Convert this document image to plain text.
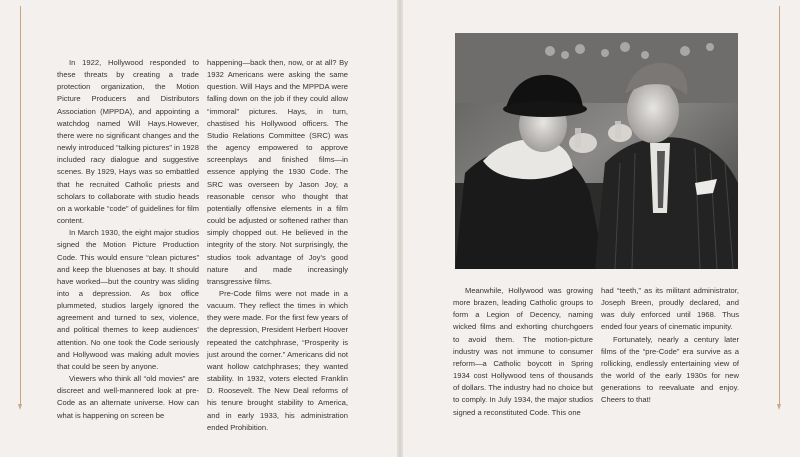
In 1922, Hollywood responded to these threats by creating a trade protection organization, the Motion Picture Producers and Distributors Association (MPPDA), and appointing a watchdog named Will Hays.However, there were no significant changes and the newly introduced “talking pictures” in 1928 included racy dialogue and suggestive scenes. By 1929, Hays was so embattled that he recruited Catholic priests and scholars to collaborate with studio heads on a workable “code” of guidelines for film content.

In March 1930, the eight major studios signed the Motion Picture Production Code. This would ensure “clean pictures” and keep the bluenoses at bay. It should have worked—but the country was sliding into a depression. As box office plummeted, studios largely ignored the agreement and turned to sex, violence, and political themes to keep audiences’ attention. No one took the Code seriously and Hollywood was making adult movies that could be seen by anyone.

Viewers who think all “old movies” are discreet and well-mannered look at pre-Code as an alternate universe. How can what is happening on screen be

happening—back then, now, or at all? By 1932 Americans were asking the same question. Will Hays and the MPPDA were falling down on the job if they could allow “immoral” pictures. Hays, in turn, chastised his Hollywood officers. The Studio Relations Committee (SRC) was the agency empowered to approve screenplays and finished films—in essence applying the 1930 Code. The SRC was overseen by Jason Joy, a reasonable censor who thought that potentially offensive elements in a film could be adjusted or softened rather than simply chopped out. He believed in the integrity of the story. Not surprisingly, the studios took advantage of Joy’s good nature and made increasingly transgressive films.

Pre-Code films were not made in a vacuum. They reflect the times in which they were made. For the first few years of the depression, President Herbert Hoover repeated the catchphrase, “Prosperity is just around the corner.” Americans did not want hollow catchphrases; they wanted stability. In 1932, voters elected Franklin D. Roosevelt. The New Deal reforms of his tenure brought stability to America, and in early 1933, his administration ended Prohibition.

Meanwhile, Hollywood was growing more brazen, leading Catholic groups to form a Legion of Decency, naming wicked films and exhorting churchgoers to avoid them. The motion-picture industry was not immune to consumer reform—a Catholic boycott in Spring 1934 cost Hollywood tens of thousands of dollars. The industry had no choice but to comply. In July 1934, the major studios signed a reconstituted Code. This one

had “teeth,” as its militant administrator, Joseph Breen, proudly declared, and was duly enforced until 1968. Thus ended four years of cinematic impunity.

Fortunately, nearly a century later films of the “pre-Code” era survive as a rollicking, endlessly entertaining view of the world of the early 1930s for new generations to reevaluate and enjoy. Cheers to that!
